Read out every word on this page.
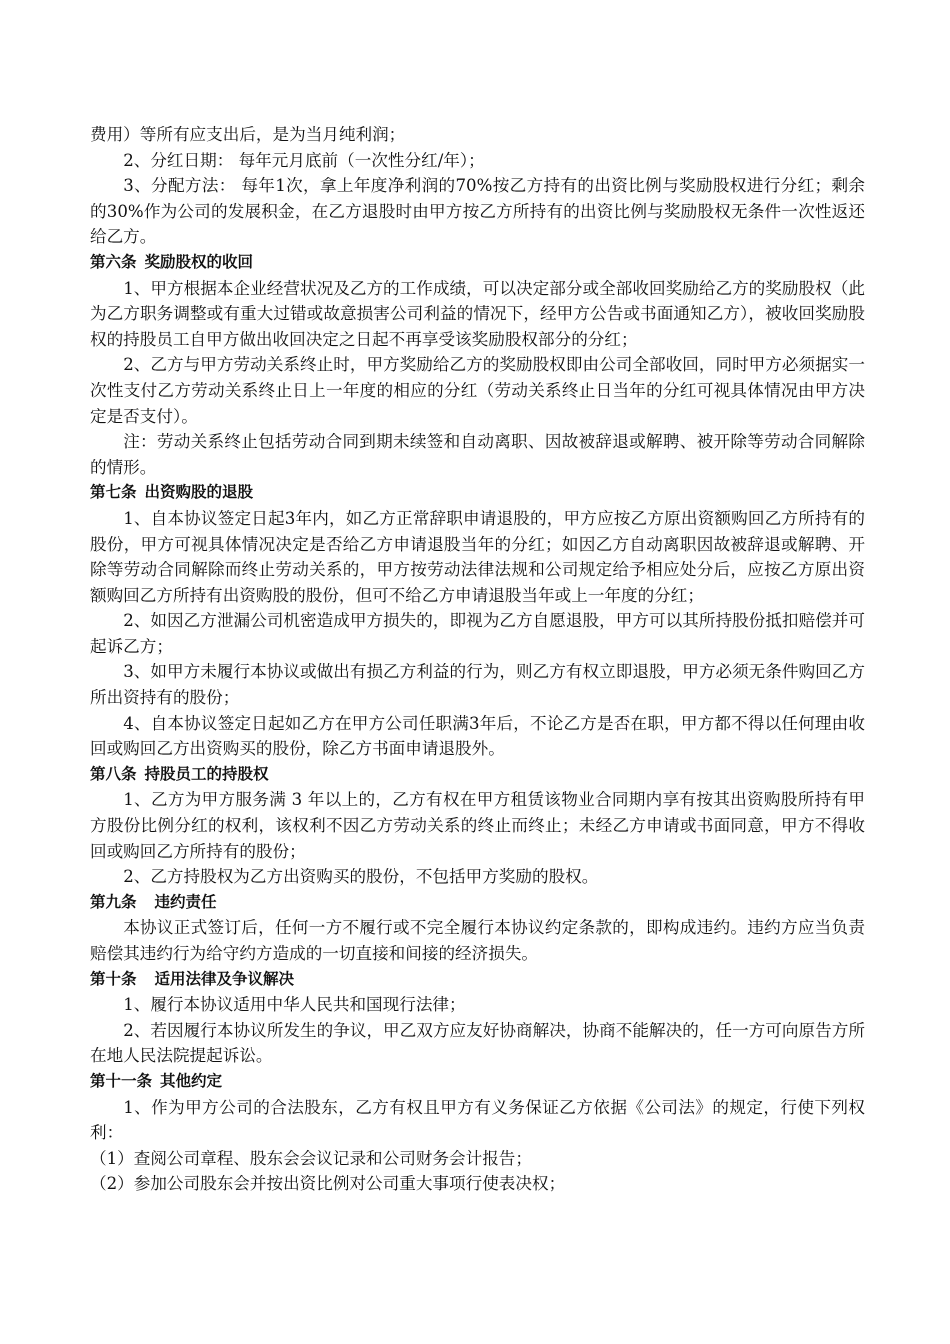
费用）等所有应支出后，是为当月纯利润；

2、分红日期： 每年元月底前（一次性分红/年）；

3、分配方法： 每年1次，拿上年度净利润的70%按乙方持有的出资比例与奖励股权进行分红；剩余的30%作为公司的发展积金，在乙方退股时由甲方按乙方所持有的出资比例与奖励股权无条件一次性返还给乙方。

第六条 奖励股权的收回

1、甲方根据本企业经营状况及乙方的工作成绩，可以决定部分或全部收回奖励给乙方的奖励股权（此为乙方职务调整或有重大过错或故意损害公司利益的情况下，经甲方公告或书面通知乙方），被收回奖励股权的持股员工自甲方做出收回决定之日起不再享受该奖励股权部分的分红；

2、乙方与甲方劳动关系终止时，甲方奖励给乙方的奖励股权即由公司全部收回，同时甲方必须据实一次性支付乙方劳动关系终止日上一年度的相应的分红（劳动关系终止日当年的分红可视具体情况由甲方决定是否支付）。

注：劳动关系终止包括劳动合同到期未续签和自动离职、因故被辞退或解聘、被开除等劳动合同解除的情形。

第七条 出资购股的退股

1、自本协议签定日起3年内，如乙方正常辞职申请退股的，甲方应按乙方原出资额购回乙方所持有的股份，甲方可视具体情况决定是否给乙方申请退股当年的分红；如因乙方自动离职因故被辞退或解聘、开除等劳动合同解除而终止劳动关系的，甲方按劳动法律法规和公司规定给予相应处分后，应按乙方原出资额购回乙方所持有出资购股的股份，但可不给乙方申请退股当年或上一年度的分红；

2、如因乙方泄漏公司机密造成甲方损失的，即视为乙方自愿退股，甲方可以其所持股份抵扣赔偿并可起诉乙方；

3、如甲方未履行本协议或做出有损乙方利益的行为，则乙方有权立即退股，甲方必须无条件购回乙方所出资持有的股份；

4、自本协议签定日起如乙方在甲方公司任职满3年后，不论乙方是否在职，甲方都不得以任何理由收回或购回乙方出资购买的股份，除乙方书面申请退股外。

第八条 持股员工的持股权

1、乙方为甲方服务满 3 年以上的，乙方有权在甲方租赁该物业合同期内享有按其出资购股所持有甲方股份比例分红的权利，该权利不因乙方劳动关系的终止而终止；未经乙方申请或书面同意，甲方不得收回或购回乙方所持有的股份；

2、乙方持股权为乙方出资购买的股份，不包括甲方奖励的股权。

第九条 违约责任

本协议正式签订后，任何一方不履行或不完全履行本协议约定条款的，即构成违约。违约方应当负责赔偿其违约行为给守约方造成的一切直接和间接的经济损失。

第十条 适用法律及争议解决

1、履行本协议适用中华人民共和国现行法律；

2、若因履行本协议所发生的争议，甲乙双方应友好协商解决，协商不能解决的，任一方可向原告方所在地人民法院提起诉讼。

第十一条 其他约定

1、作为甲方公司的合法股东，乙方有权且甲方有义务保证乙方依据《公司法》的规定，行使下列权利：

（1）查阅公司章程、股东会会议记录和公司财务会计报告；

（2）参加公司股东会并按出资比例对公司重大事项行使表决权；
